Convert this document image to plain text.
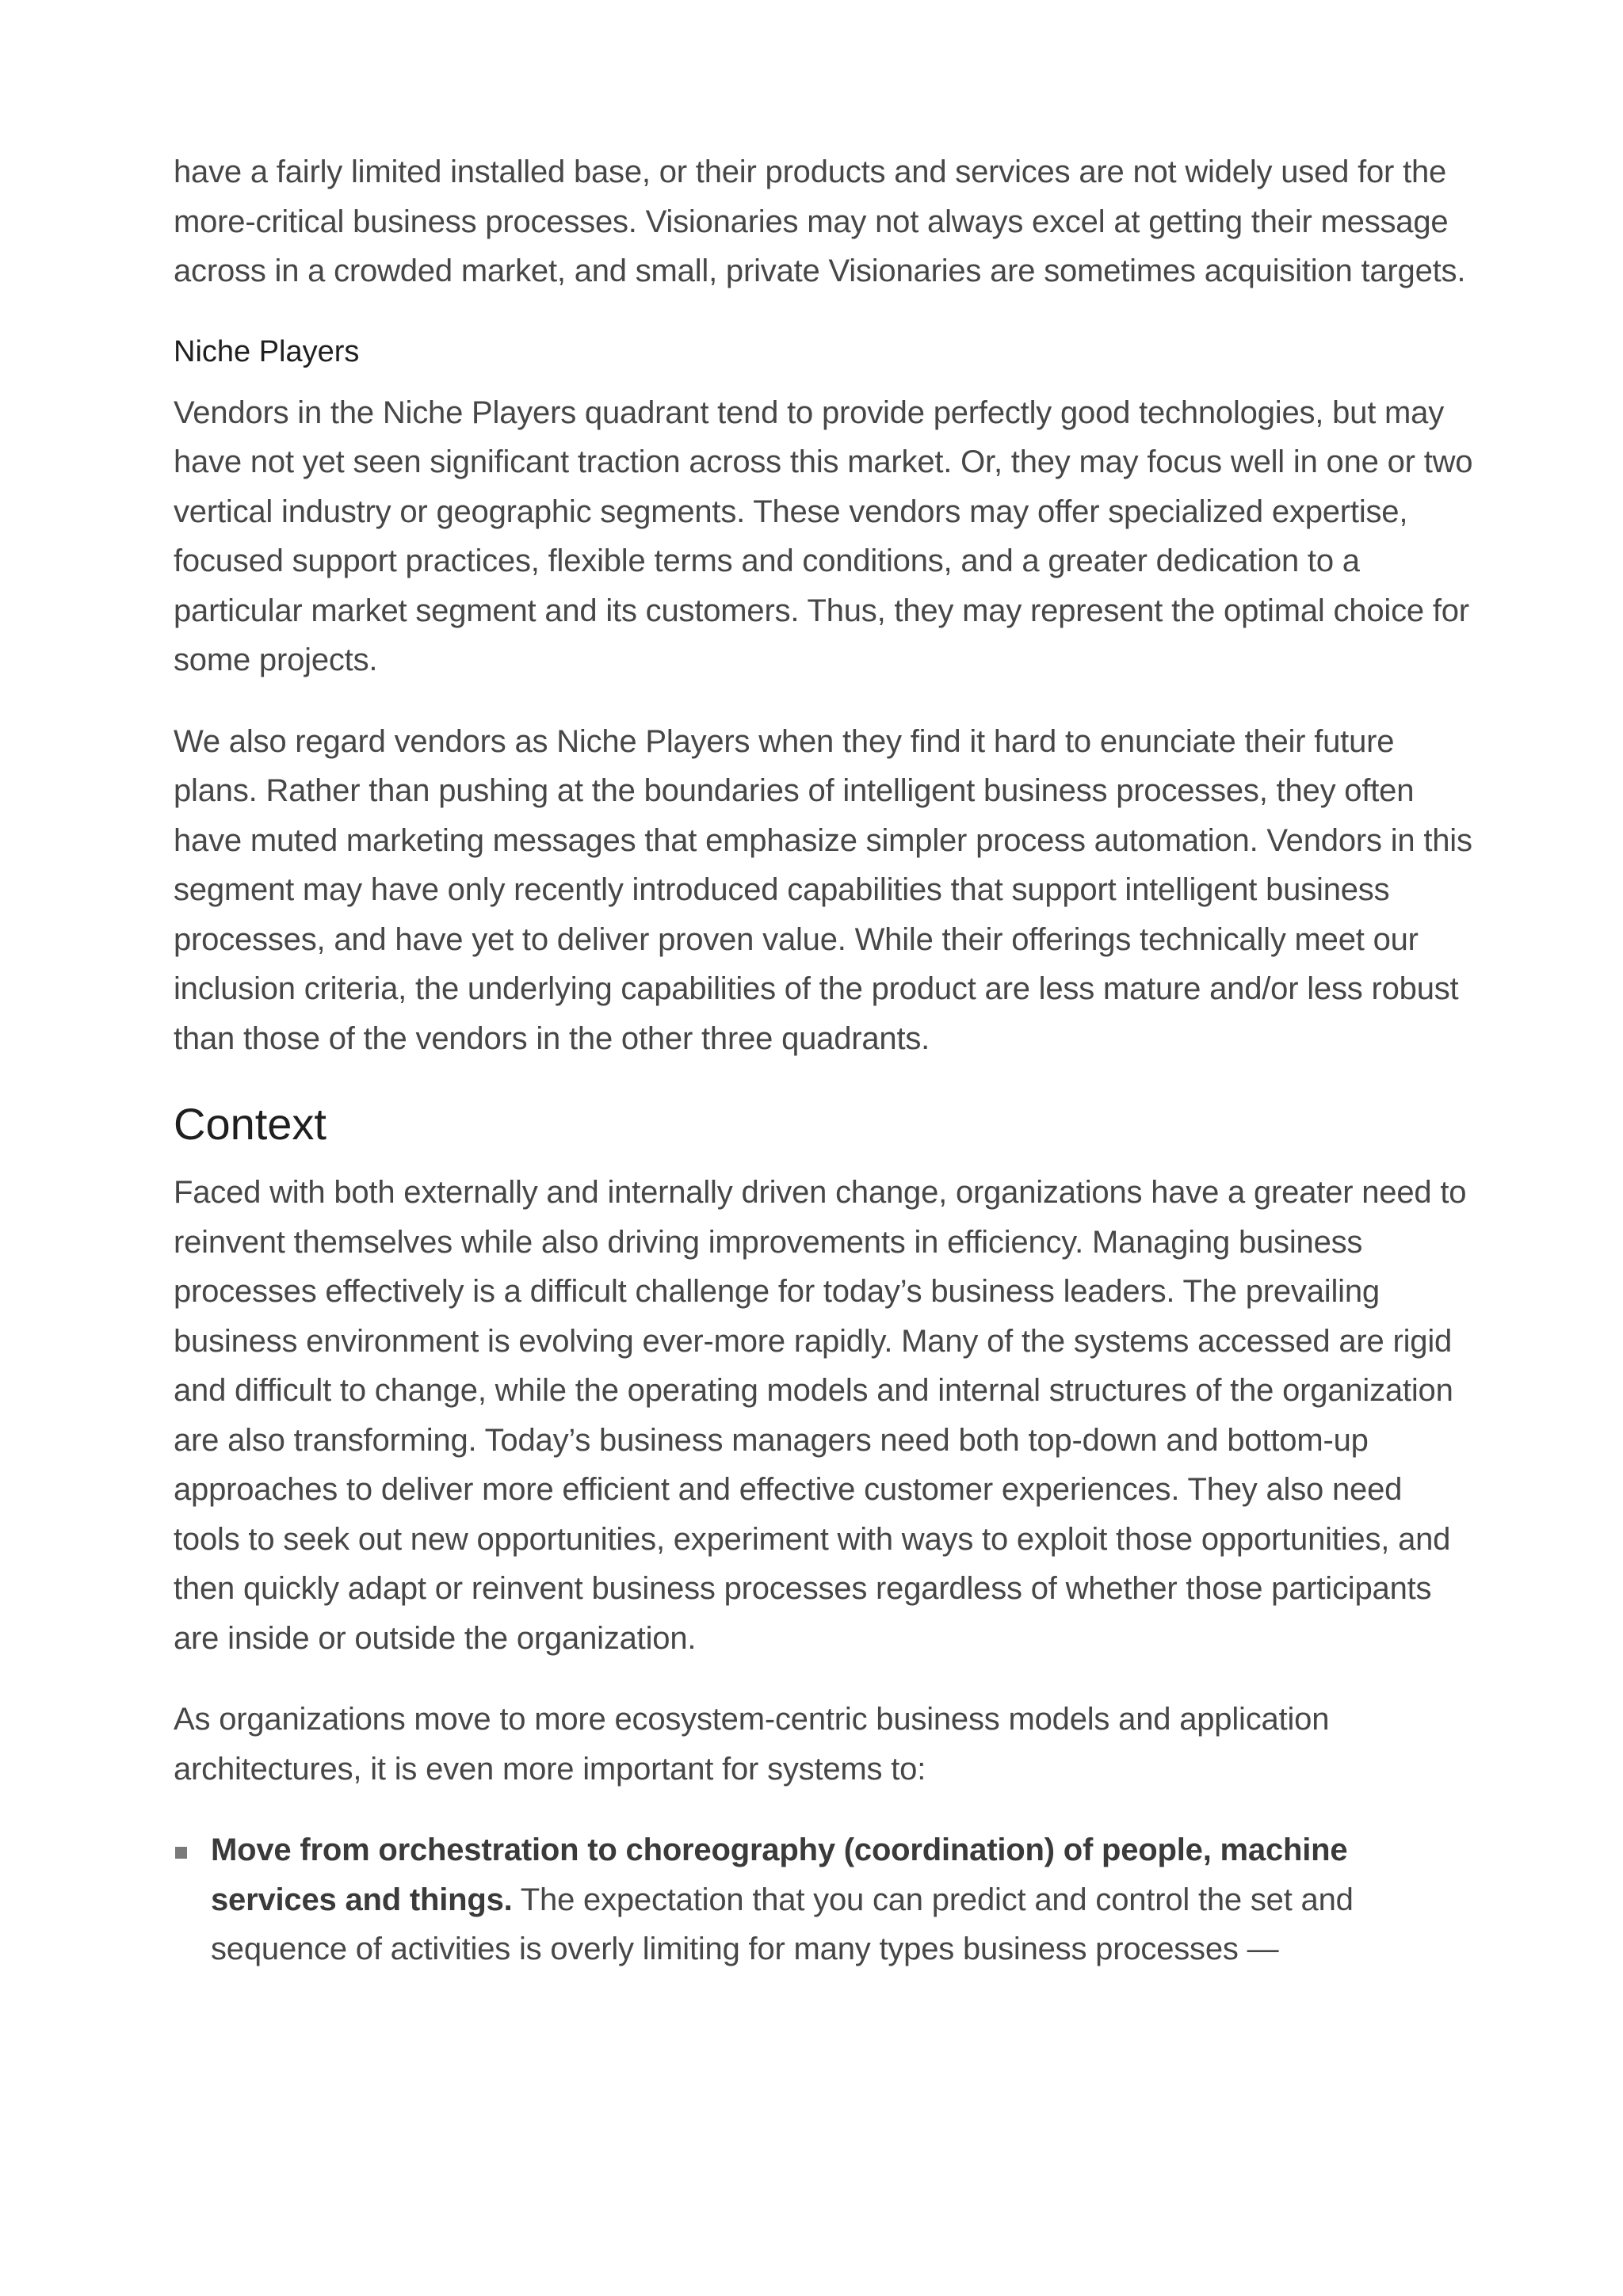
have a fairly limited installed base, or their products and services are not widely used for the more-critical business processes. Visionaries may not always excel at getting their message across in a crowded market, and small, private Visionaries are sometimes acquisition targets.

Niche Players

Vendors in the Niche Players quadrant tend to provide perfectly good technologies, but may have not yet seen significant traction across this market. Or, they may focus well in one or two vertical industry or geographic segments. These vendors may offer specialized expertise, focused support practices, flexible terms and conditions, and a greater dedication to a particular market segment and its customers. Thus, they may represent the optimal choice for some projects.

We also regard vendors as Niche Players when they find it hard to enunciate their future plans. Rather than pushing at the boundaries of intelligent business processes, they often have muted marketing messages that emphasize simpler process automation. Vendors in this segment may have only recently introduced capabilities that support intelligent business processes, and have yet to deliver proven value. While their offerings technically meet our inclusion criteria, the underlying capabilities of the product are less mature and/or less robust than those of the vendors in the other three quadrants.

Context

Faced with both externally and internally driven change, organizations have a greater need to reinvent themselves while also driving improvements in efficiency. Managing business processes effectively is a difficult challenge for today’s business leaders. The prevailing business environment is evolving ever-more rapidly. Many of the systems accessed are rigid and difficult to change, while the operating models and internal structures of the organization are also transforming. Today’s business managers need both top-down and bottom-up approaches to deliver more efficient and effective customer experiences. They also need tools to seek out new opportunities, experiment with ways to exploit those opportunities, and then quickly adapt or reinvent business processes regardless of whether those participants are inside or outside the organization.

As organizations move to more ecosystem-centric business models and application architectures, it is even more important for systems to:

Move from orchestration to choreography (coordination) of people, machine services and things. The expectation that you can predict and control the set and sequence of activities is overly limiting for many types business processes —
